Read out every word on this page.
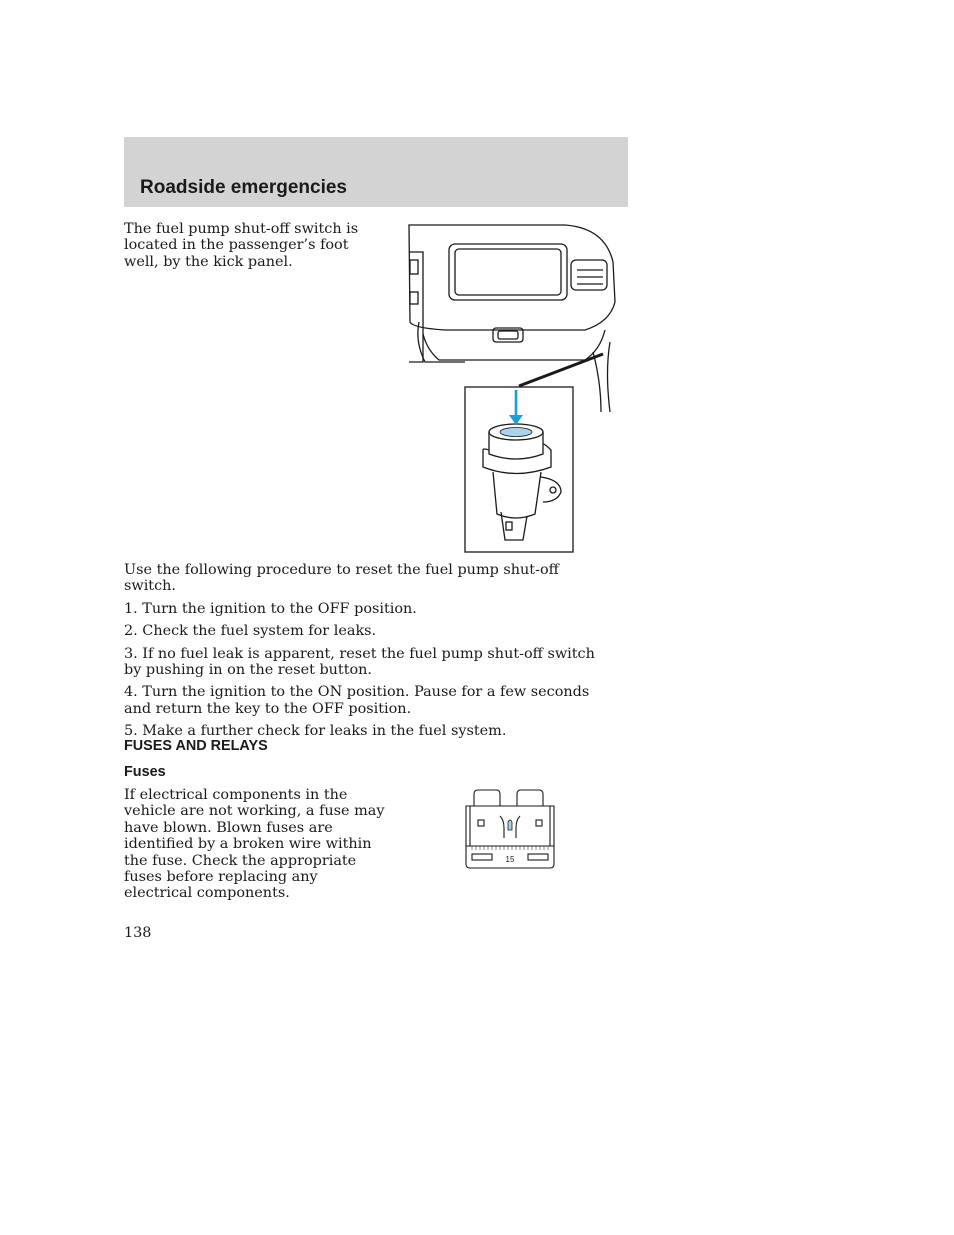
Roadside emergencies

The fuel pump shut-off switch is located in the passenger’s foot well, by the kick panel.

Use the following procedure to reset the fuel pump shut-off switch.

1. Turn the ignition to the OFF position.

2. Check the fuel system for leaks.

3. If no fuel leak is apparent, reset the fuel pump shut-off switch by pushing in on the reset button.

4. Turn the ignition to the ON position. Pause for a few seconds and return the key to the OFF position.

5. Make a further check for leaks in the fuel system.

FUSES AND RELAYS
Fuses

If electrical components in the vehicle are not working, a fuse may have blown. Blown fuses are identified by a broken wire within the fuse. Check the appropriate fuses before replacing any electrical components.

15

138
